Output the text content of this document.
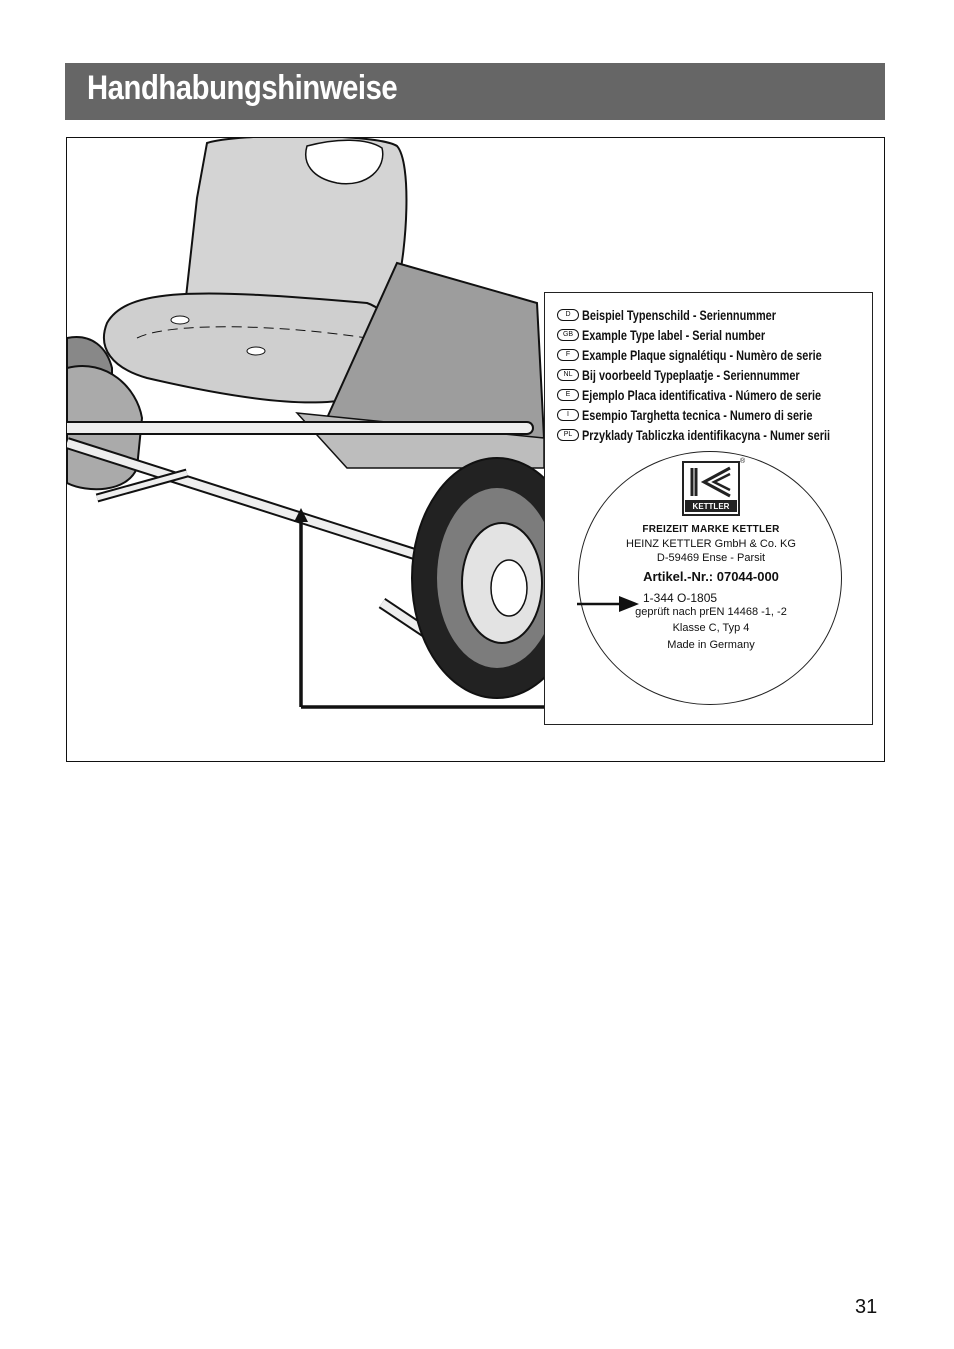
Handhabungshinweise
D Beispiel Typenschild - Seriennummer
GB Example Type label - Serial number
F Example Plaque signalétiqu - Numèro de serie
NL Bij voorbeeld Typeplaatje - Seriennummer
E Ejemplo Placa identificativa - Número de serie
I Esempio Targhetta tecnica - Numero di serie
PL Przyklady Tabliczka identifikacyna - Numer serii
KETTLER
®
FREIZEIT MARKE KETTLER
HEINZ KETTLER GmbH & Co. KG
D-59469 Ense - Parsit
Artikel.-Nr.: 07044-000
1-344 O-1805
geprüft nach prEN 14468 -1, -2
Klasse C, Typ 4
Made in Germany
31
